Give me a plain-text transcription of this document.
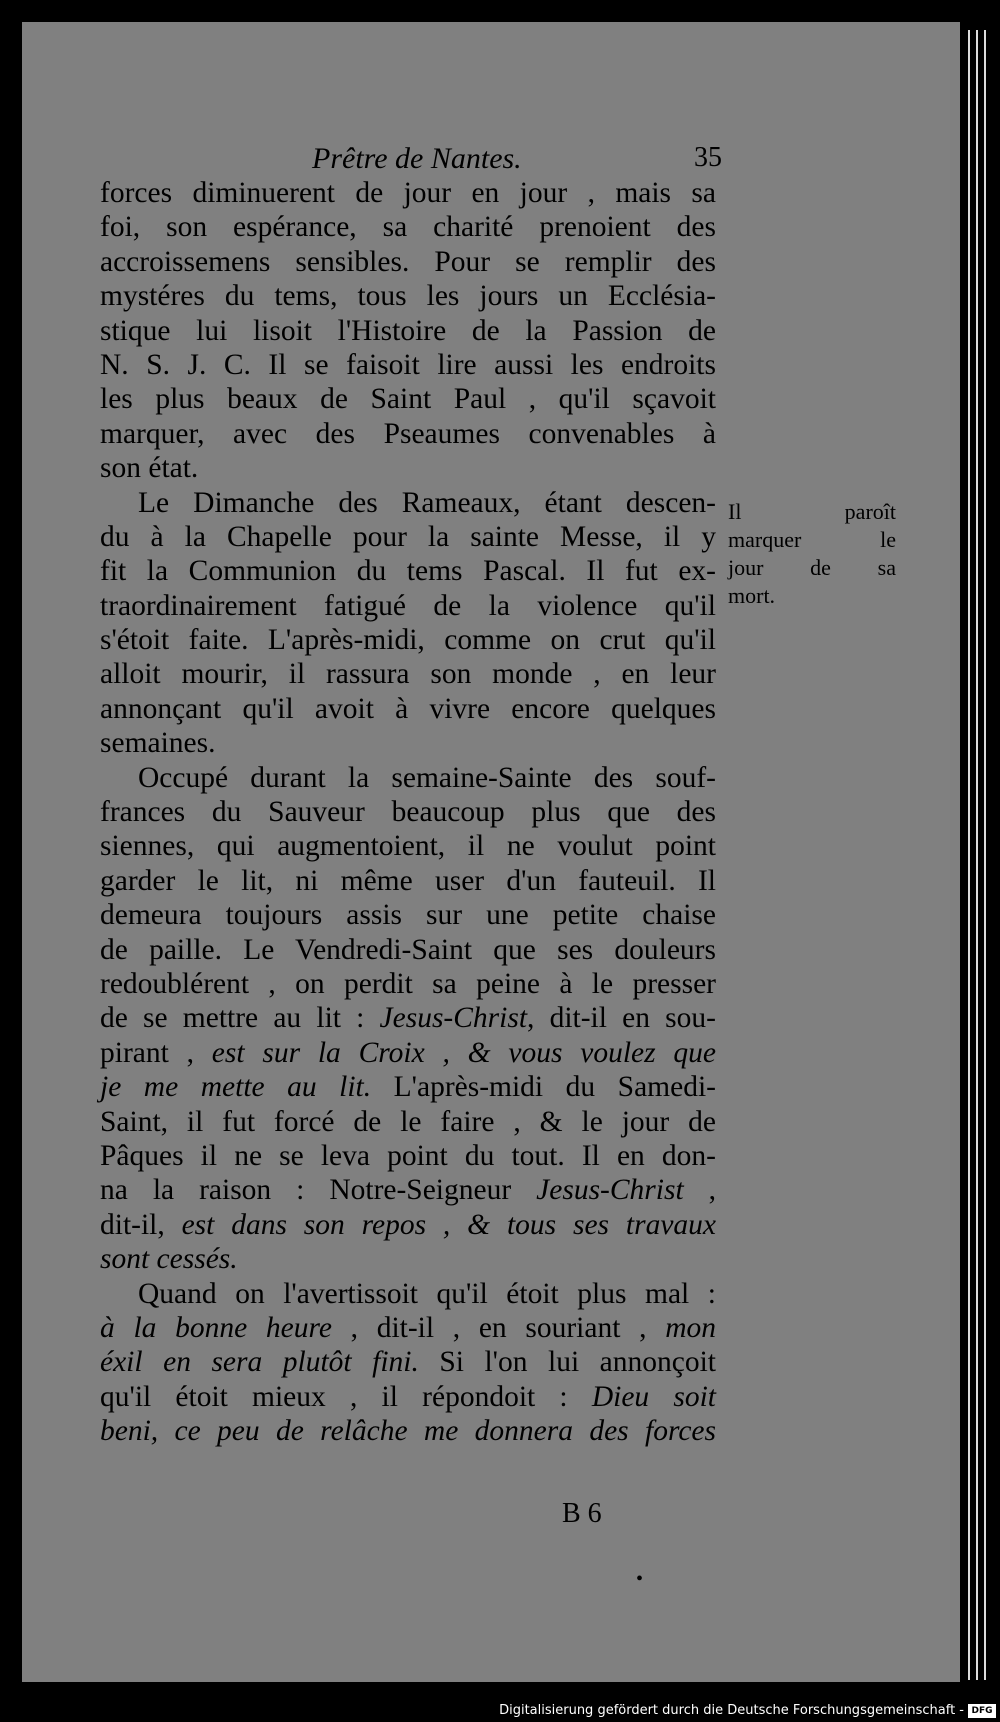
Prêtre de Nantes.	35
forces diminuerent de jour en jour , mais sa
foi, son espérance, sa charité prenoient des
accroissemens sensibles. Pour se remplir des
mystéres du tems, tous les jours un Ecclésia-
stique lui lisoit l'Histoire de la Passion de
N. S. J. C. Il se faisoit lire aussi les endroits
les plus beaux de Saint Paul , qu'il sçavoit
marquer, avec des Pseaumes convenables à
son état.
Le Dimanche des Rameaux, étant descen-
du à la Chapelle pour la sainte Messe, il y
fit la Communion du tems Pascal. Il fut ex-
traordinairement fatigué de la violence qu'il
s'étoit faite. L'après-midi, comme on crut qu'il
alloit mourir, il rassura son monde , en leur
annonçant qu'il avoit à vivre encore quelques
semaines.
Occupé durant la semaine-Sainte des souf-
frances du Sauveur beaucoup plus que des
siennes, qui augmentoient, il ne voulut point
garder le lit, ni même user d'un fauteuil. Il
demeura toujours assis sur une petite chaise
de paille. Le Vendredi-Saint que ses douleurs
redoublérent , on perdit sa peine à le presser
de se mettre au lit : Jesus-Christ, dit-il en sou-
pirant , est sur la Croix , & vous voulez que
je me mette au lit. L'après-midi du Samedi-
Saint, il fut forcé de le faire , & le jour de
Pâques il ne se leva point du tout. Il en don-
na la raison : Notre-Seigneur Jesus-Christ ,
dit-il, est dans son repos , & tous ses travaux
sont cessés.
Quand on l'avertissoit qu'il étoit plus mal :
à la bonne heure , dit-il , en souriant , mon
éxil en sera plutôt fini. Si l'on lui annonçoit
qu'il étoit mieux , il répondoit : Dieu soit
beni, ce peu de relâche me donnera des forces
Il paroît
marquer le
jour de sa
mort.
B 6
•
Digitalisierung gefördert durch die Deutsche Forschungsgemeinschaft - DFG
